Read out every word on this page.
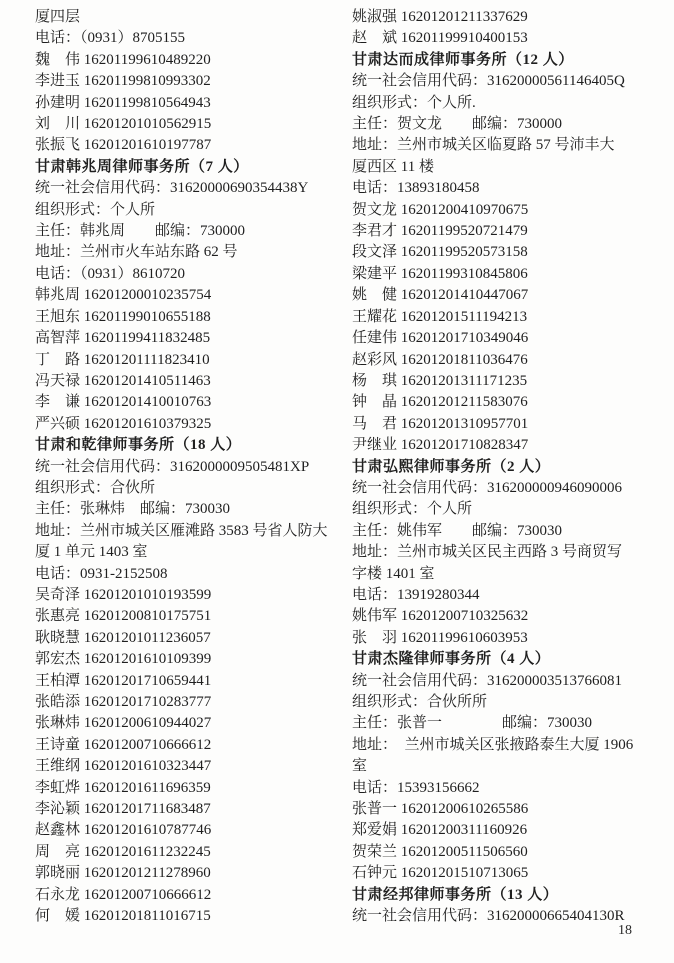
厦四层
电话：（0931）8705155
魏　伟 16201199610489220
李进玉 16201199810993302
孙建明 16201199810564943
刘　川 16201201010562915
张振飞 16201201610197787
甘肃韩兆周律师事务所（7 人）
统一社会信用代码：31620000690354438Y
组织形式：个人所
主任：韩兆周　　邮编：730000
地址：兰州市火车站东路 62 号
电话：（0931）8610720
韩兆周 16201200010235754
王旭东 16201199010655188
高智萍 16201199411832485
丁　路 16201201111823410
冯天禄 16201201410511463
李　谦 16201201410010763
严兴硕 16201201610379325
甘肃和乾律师事务所（18 人）
统一社会信用代码：3162000009505481XP
组织形式：合伙所
主任：张琳炜　邮编：730030
地址：兰州市城关区雁滩路 3583 号省人防大
厦 1 单元 1403 室
电话：0931-2152508
吴奇泽 16201201010193599
张惠亮 16201200810175751
耿晓慧 16201201011236057
郭宏杰 16201201610109399
王柏潭 16201201710659441
张皓添 16201201710283777
张琳炜 16201200610944027
王诗童 16201200710666612
王维纲 16201201610323447
李虹烨 16201201611696359
李沁颖 16201201711683487
赵鑫林 16201201610787746
周　亮 16201201611232245
郭晓丽 16201201211278960
石永龙 16201200710666612
何　媛 16201201811016715
姚淑强 16201201211337629
赵　斌 16201199910400153
甘肃达而成律师事务所（12 人）
统一社会信用代码：31620000561146405Q
组织形式：个人所.
主任：贺文龙　　邮编：730000
地址：兰州市城关区临夏路 57 号沛丰大
厦西区 11 楼
电话：13893180458
贺文龙 16201200410970675
李君才 16201199520721479
段文泽 16201199520573158
梁建平 16201199310845806
姚　健 16201201410447067
王耀花 16201201511194213
任建伟 16201201710349046
赵彩风 16201201811036476
杨　琪 16201201311171235
钟　晶 16201201211583076
马　君 16201201310957701
尹继业 16201201710828347
甘肃弘熙律师事务所（2 人）
统一社会信用代码：316200000946090006
组织形式：个人所
主任：姚伟军　　邮编：730030
地址：兰州市城关区民主西路 3 号商贸写
字楼 1401 室
电话：13919280344
姚伟军 16201200710325632
张　羽 16201199610603953
甘肃杰隆律师事务所（4 人）
统一社会信用代码：316200003513766081
组织形式：合伙所所
主任：张普一　　　　邮编：730030
地址：　兰州市城关区张掖路泰生大厦 1906
室
电话：15393156662
张普一 16201200610265586
郑爱娟 16201200311160926
贺荣兰 16201200511506560
石钟元 16201201510713065
甘肃经邦律师事务所（13 人）
统一社会信用代码：31620000665404130R
18
